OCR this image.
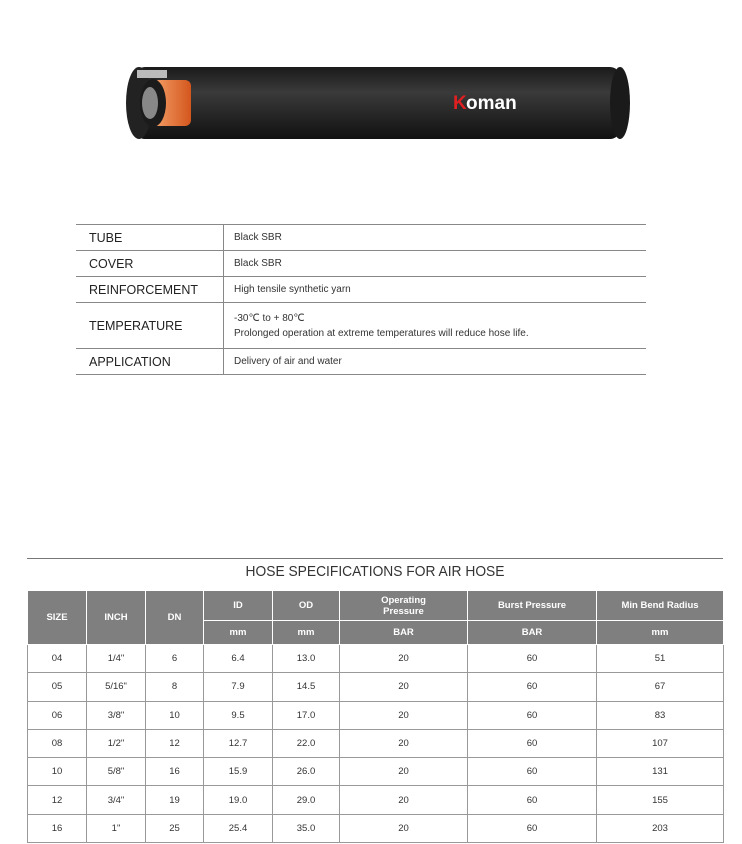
K oman
TUBE	Black SBR
COVER	Black SBR
REINFORCEMENT	High tensile synthetic yarn
TEMPERATURE	-30℃ to + 80℃
Prolonged operation at extreme temperatures will reduce hose life.

APPLICATION	Delivery of air and water
HOSE SPECIFICATIONS FOR AIR HOSE
SIZE	INCH	DN	ID	OD	Operating Pressure	Burst Pressure	Min Bend Radius
			mm	mm	BAR	BAR	mm
04	1/4"	6	6.4	13.0	20	60	51
05	5/16"	8	7.9	14.5	20	60	67
06	3/8"	10	9.5	17.0	20	60	83
08	1/2"	12	12.7	22.0	20	60	107
10	5/8"	16	15.9	26.0	20	60	131
12	3/4"	19	19.0	29.0	20	60	155
16	1"	25	25.4	35.0	20	60	203
